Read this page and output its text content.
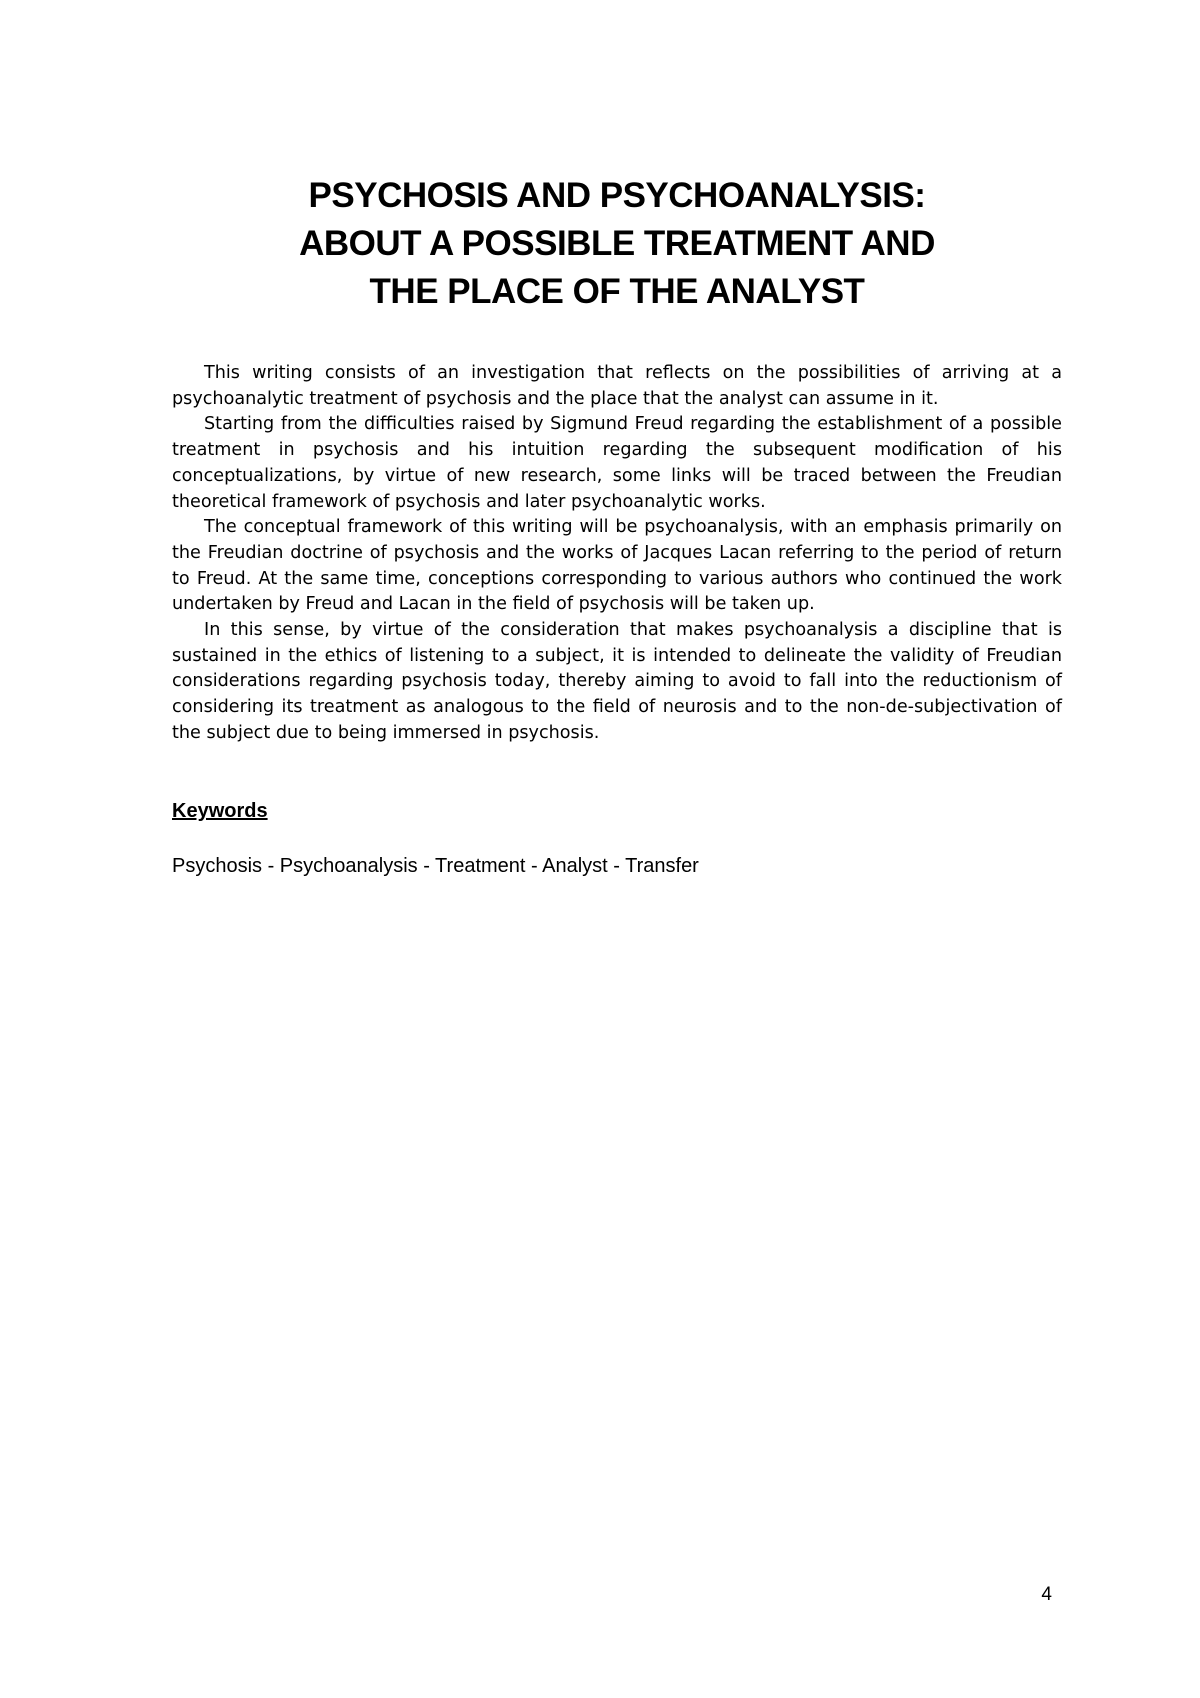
PSYCHOSIS AND PSYCHOANALYSIS:
ABOUT A POSSIBLE TREATMENT AND
THE PLACE OF THE ANALYST

This writing consists of an investigation that reflects on the possibilities of arriving at a psychoanalytic treatment of psychosis and the place that the analyst can assume in it.

Starting from the difficulties raised by Sigmund Freud regarding the establishment of a possible treatment in psychosis and his intuition regarding the subsequent modification of his conceptualizations, by virtue of new research, some links will be traced between the Freudian theoretical framework of psychosis and later psychoanalytic works.

The conceptual framework of this writing will be psychoanalysis, with an emphasis primarily on the Freudian doctrine of psychosis and the works of Jacques Lacan referring to the period of return to Freud. At the same time, conceptions corresponding to various authors who continued the work undertaken by Freud and Lacan in the field of psychosis will be taken up.

In this sense, by virtue of the consideration that makes psychoanalysis a discipline that is sustained in the ethics of listening to a subject, it is intended to delineate the validity of Freudian considerations regarding psychosis today, thereby aiming to avoid to fall into the reductionism of considering its treatment as analogous to the field of neurosis and to the non-de-subjectivation of the subject due to being immersed in psychosis.

Keywords

Psychosis - Psychoanalysis - Treatment - Analyst - Transfer

4
